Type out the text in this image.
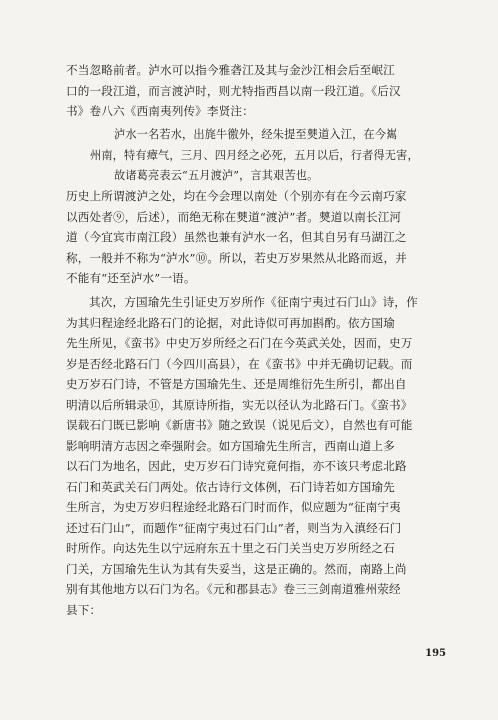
不当忽略前者。泸水可以指今雅砻江及其与金沙江相会后至岷江
口的一段江道，而言渡泸时，则尤特指西昌以南一段江道。《后汉
书》卷八六《西南夷列传》李贤注：
泸水一名若水，出旄牛徼外，经朱提至僰道入江，在今嶲
州南，特有瘴气，三月、四月经之必死，五月以后，行者得无害，
故诸葛亮表云“五月渡泸”，言其艰苦也。
历史上所谓渡泸之处，均在今会理以南处（个别亦有在今云南巧家
以西处者⑨，后述），而绝无称在僰道“渡泸”者。僰道以南长江河
道（今宜宾市南江段）虽然也兼有泸水一名，但其自另有马湖江之
称，一般并不称为“泸水”⑩。所以，若史万岁果然从北路而返，并
不能有“还至泸水”一语。
其次，方国瑜先生引证史万岁所作《征南宁夷过石门山》诗，作
为其归程途经北路石门的论据，对此诗似可再加斟酌。依方国瑜
先生所见，《蛮书》中史万岁所经之石门在今英武关处，因而，史万
岁是否经北路石门（今四川高县），在《蛮书》中并无确切记载。而
史万岁石门诗，不管是方国瑜先生、还是周维衍先生所引，都出自
明清以后所辑录⑪，其原诗所指，实无以径认为北路石门。《蛮书》
误载石门既已影响《新唐书》随之致误（说见后文），自然也有可能
影响明清方志因之牵强附会。如方国瑜先生所言，西南山道上多
以石门为地名，因此，史万岁石门诗究竟何指，亦不该只考虑北路
石门和英武关石门两处。依古诗行文体例，石门诗若如方国瑜先
生所言，为史万岁归程途经北路石门时而作，似应题为“征南宁夷
还过石门山”，而题作“征南宁夷过石门山”者，则当为入滇经石门
时所作。向达先生以宁远府东五十里之石门关当史万岁所经之石
门关，方国瑜先生认为其有失妥当，这是正确的。然而，南路上尚
别有其他地方以石门为名。《元和郡县志》卷三三剑南道雅州荥经
县下：
195
